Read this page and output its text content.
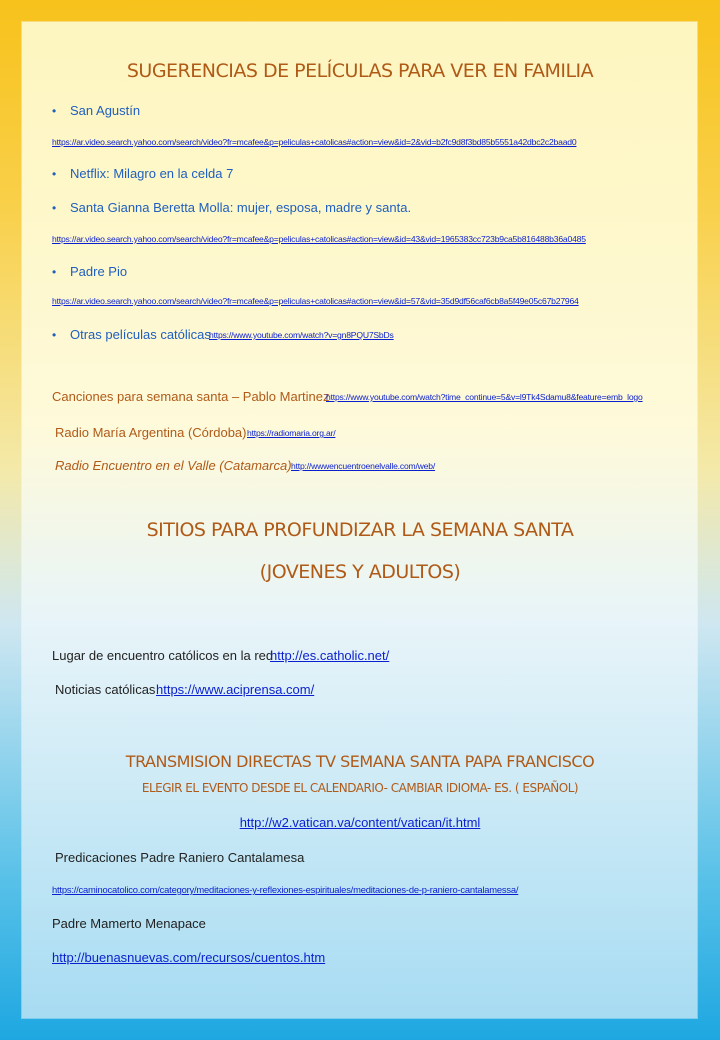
SUGERENCIAS DE PELÍCULAS PARA VER EN FAMILIA
• San Agustín
https://ar.video.search.yahoo.com/search/video?fr=mcafee&p=peliculas+catolicas#action=view&id=2&vid=b2fc9d8f3bd85b5551a42dbc2c2baad0
• Netflix: Milagro en la celda 7
• Santa Gianna Beretta Molla: mujer, esposa, madre y santa.
https://ar.video.search.yahoo.com/search/video?fr=mcafee&p=peliculas+catolicas#action=view&id=43&vid=1965383cc723b9ca5b816488b36a0485
• Padre Pio
https://ar.video.search.yahoo.com/search/video?fr=mcafee&p=peliculas+catolicas#action=view&id=57&vid=35d9df56caf6cb8a5f49e05c67b27964
• Otras películas católicas
https://www.youtube.com/watch?v=gn8PQU7SbDs
Canciones para semana santa – Pablo Martinez
https://www.youtube.com/watch?time_continue=5&v=l9Tk4Sdamu8&feature=emb_logo
Radio María Argentina (Córdoba) https://radiomaria.org.ar/
Radio Encuentro en el Valle (Catamarca) http://wwwencuentroenelvalle.com/web/
SITIOS PARA PROFUNDIZAR LA SEMANA SANTA
(JOVENES Y ADULTOS)
Lugar de encuentro católicos en la red
http://es.catholic.net/
Noticias católicas https://www.aciprensa.com/
TRANSMISION DIRECTAS TV SEMANA SANTA PAPA FRANCISCO
ELEGIR EL EVENTO DESDE EL CALENDARIO- CAMBIAR IDIOMA- ES. ( ESPAÑOL)
http://w2.vatican.va/content/vatican/it.html
Predicaciones Padre Raniero Cantalamesa
https://caminocatolico.com/category/meditaciones-y-reflexiones-espirituales/meditaciones-de-p-raniero-cantalamessa/
Padre Mamerto Menapace
http://buenasnuevas.com/recursos/cuentos.htm
